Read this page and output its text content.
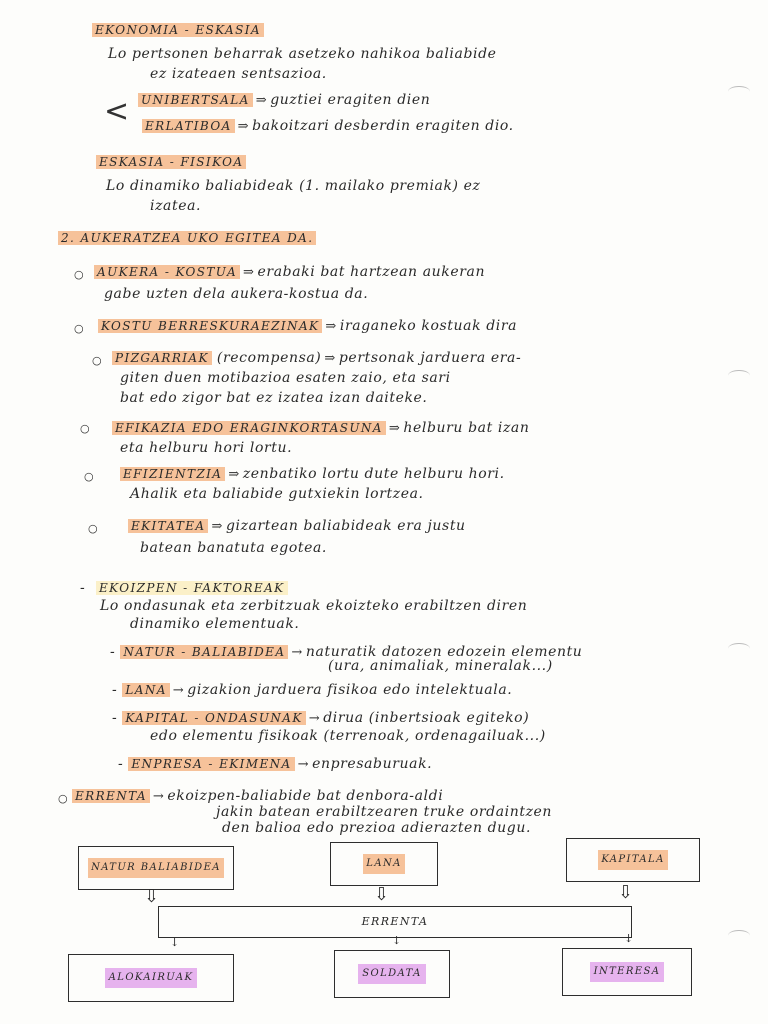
EKONOMIA - ESKASIA
Lo pertsonen beharrak asetzeko nahikoa baliabide
ez izateaen sentsazioa.
< UNIBERTSALA ⇒ guztiei eragiten dien
ERLATIBOA ⇒ bakoitzari desberdin eragiten dio.
ESKASIA - FISIKOA
Lo dinamiko baliabideak (1. mailako premiak) ez
izatea.
2. AUKERATZEA UKO EGITEA DA.
○ AUKERA - KOSTUA ⇒ erabaki bat hartzean aukeran
gabe uzten dela aukera-kostua da.
○ KOSTU BERRESKURAEZINAK ⇒ iraganeko kostuak dira
○ PIZGARRIAK (recompensa) ⇒ pertsonak jarduera era-
giten duen motibazioa esaten zaio, eta sari
bat edo zigor bat ez izatea izan daiteke.
○ EFIKAZIA EDO ERAGINKORTASUNA ⇒ helburu bat izan
eta helburu hori lortu.
○ EFIZIENTZIA ⇒ zenbatiko lortu dute helburu hori.
Ahalik eta baliabide gutxiekin lortzea.
○	EKITATEA ⇒ gizartean baliabideak era justu
batean banatuta egotea.
- EKOIZPEN - FAKTOREAK
Lo ondasunak eta zerbitzuak ekoizteko erabiltzen diren
dinamiko elementuak.
- NATUR - BALIABIDEA → naturatik datozen edozein elementu
(ura, animaliak, mineralak...)
- LANA → gizakion jarduera fisikoa edo intelektuala.
- KAPITAL - ONDASUNAK → dirua (inbertsioak egiteko)
edo elementu fisikoak (terrenoak, ordenagailuak...)
- ENPRESA - EKIMENA → enpresaburuak.
○ ERRENTA → ekoizpen-baliabide bat denbora-aldi
jakin batean erabiltzearen truke ordaintzen
den balioa edo prezioa adierazten dugu.
NATUR BALIABIDEA	LANA	KAPITALA
⇩	⇩	⇩
ERRENTA
↓	↓	↓
ALOKAIRUAK	SOLDATA	INTERESA
